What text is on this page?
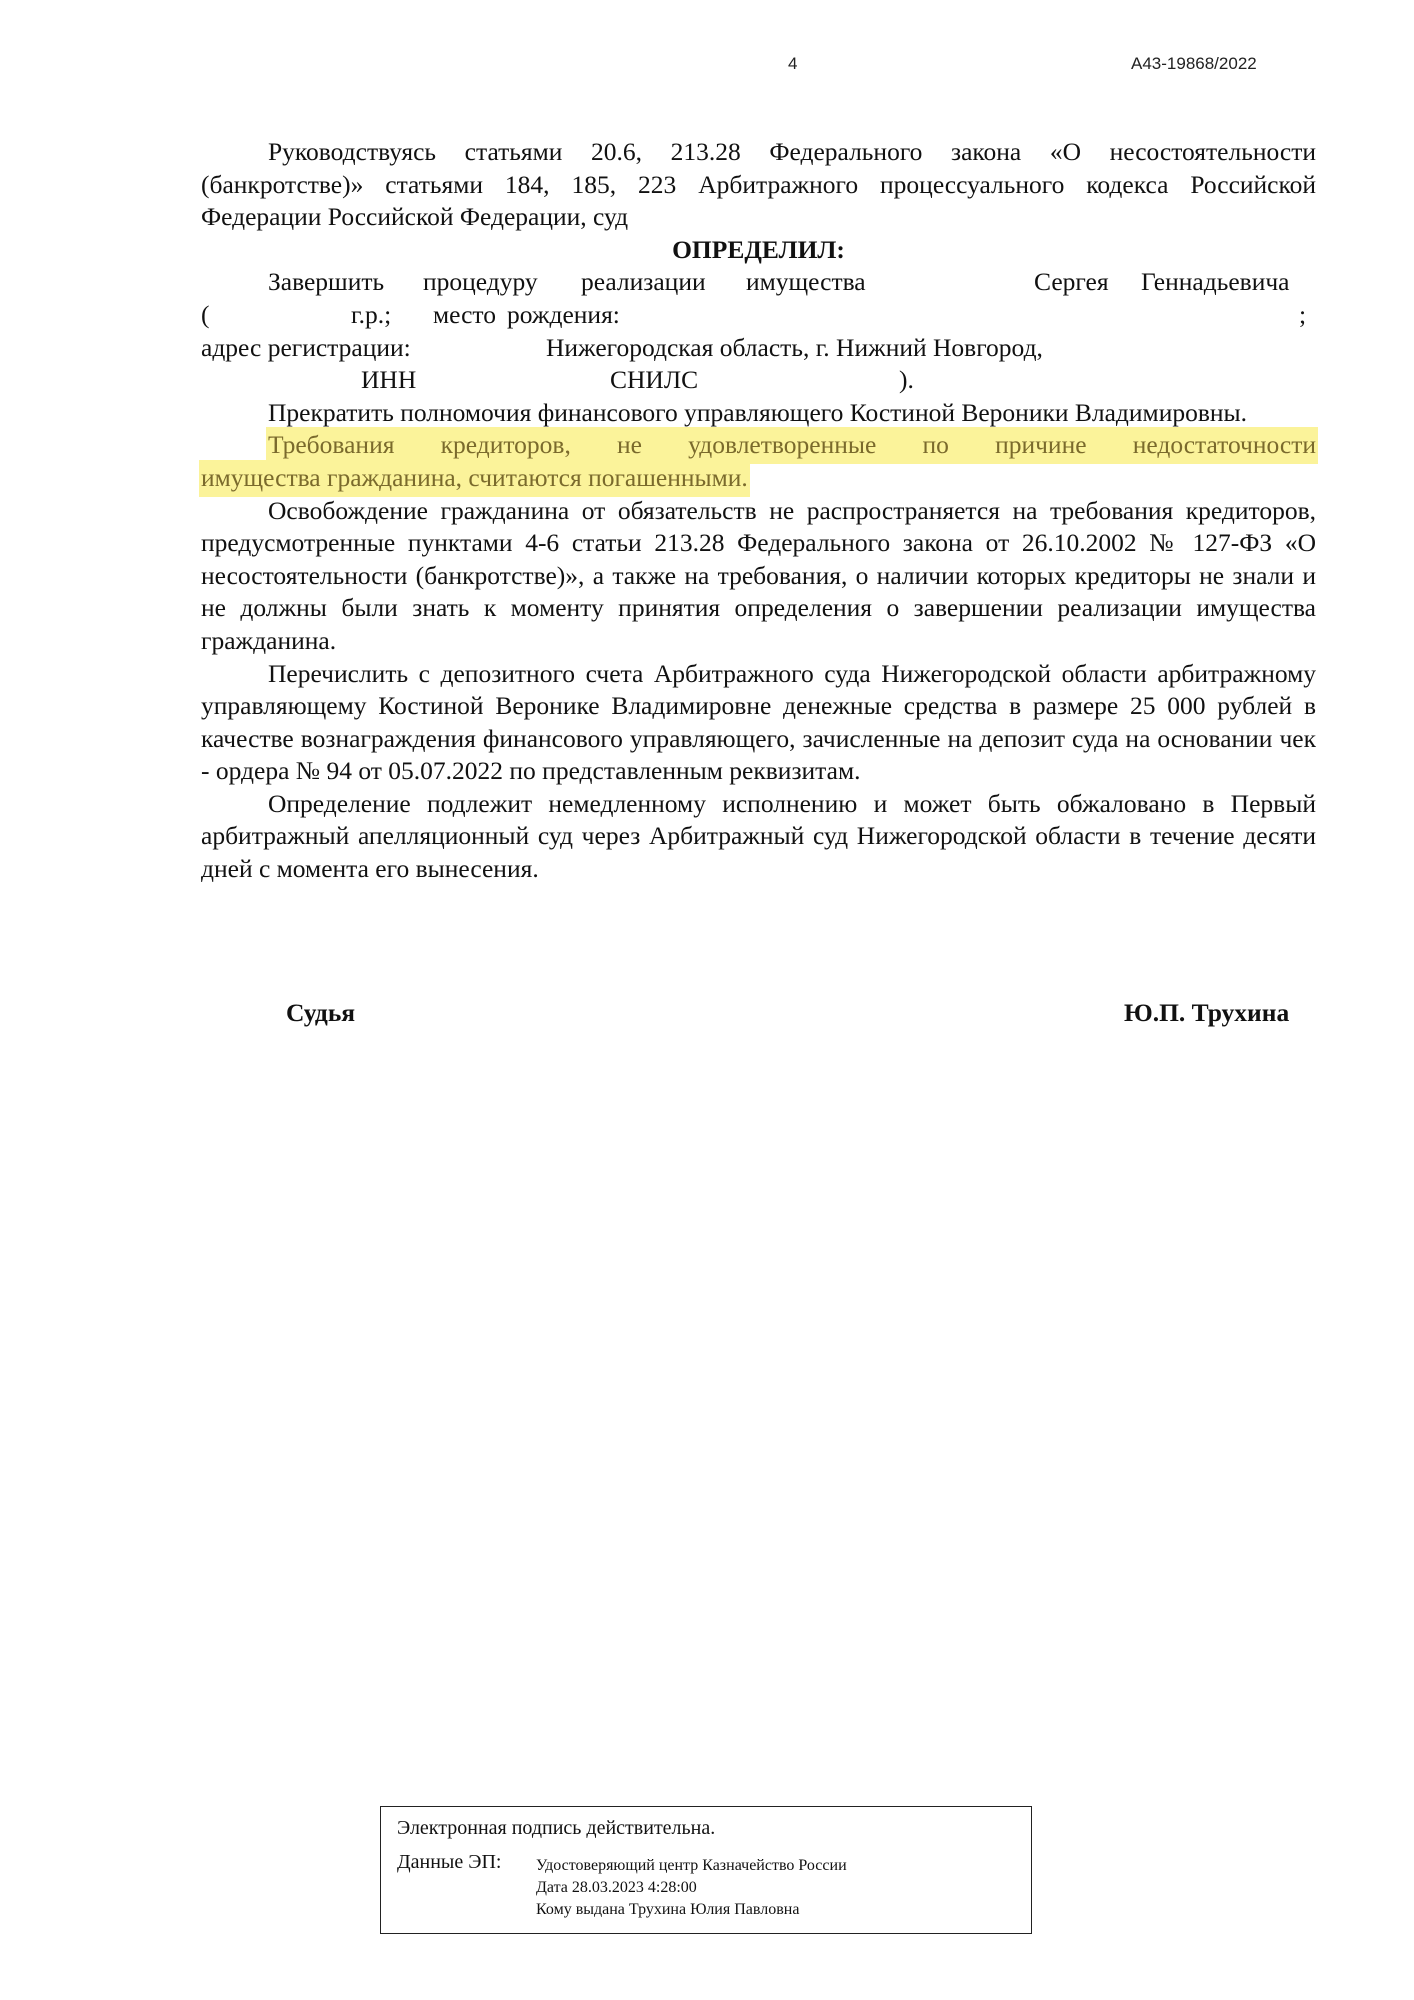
4	А43-19868/2022

Руководствуясь статьями 20.6, 213.28 Федерального закона «О несостоятельности (банкротстве)» статьями 184, 185, 223 Арбитражного процессуального кодекса Российской Федерации Российской Федерации, суд

ОПРЕДЕЛИЛ:

Завершить процедуру реализации имущества	Сергея Геннадьевича
(	г.р.; место рождения:	;
адрес регистрации:	Нижегородская область, г. Нижний Новгород,
ИНН	СНИЛС	).

Прекратить полномочия финансового управляющего Костиной Вероники Владимировны.

Требования кредиторов, не удовлетворенные по причине недостаточности
имущества гражданина, считаются погашенными.

Освобождение гражданина от обязательств не распространяется на требования кредиторов, предусмотренные пунктами 4-6 статьи 213.28 Федерального закона от 26.10.2002 № 127-ФЗ «О несостоятельности (банкротстве)», а также на требования, о наличии которых кредиторы не знали и не должны были знать к моменту принятия определения о завершении реализации имущества гражданина.

Перечислить с депозитного счета Арбитражного суда Нижегородской области арбитражному управляющему Костиной Веронике Владимировне денежные средства в размере 25 000 рублей в качестве вознаграждения финансового управляющего, зачисленные на депозит суда на основании чек - ордера № 94 от 05.07.2022 по представленным реквизитам.

Определение подлежит немедленному исполнению и может быть обжаловано в Первый арбитражный апелляционный суд через Арбитражный суд Нижегородской области в течение десяти дней с момента его вынесения.

Судья	Ю.П. Трухина
Электронная подпись действительна.
Данные ЭП: Удостоверяющий центр Казначейство России
Дата 28.03.2023 4:28:00
Кому выдана Трухина Юлия Павловна
